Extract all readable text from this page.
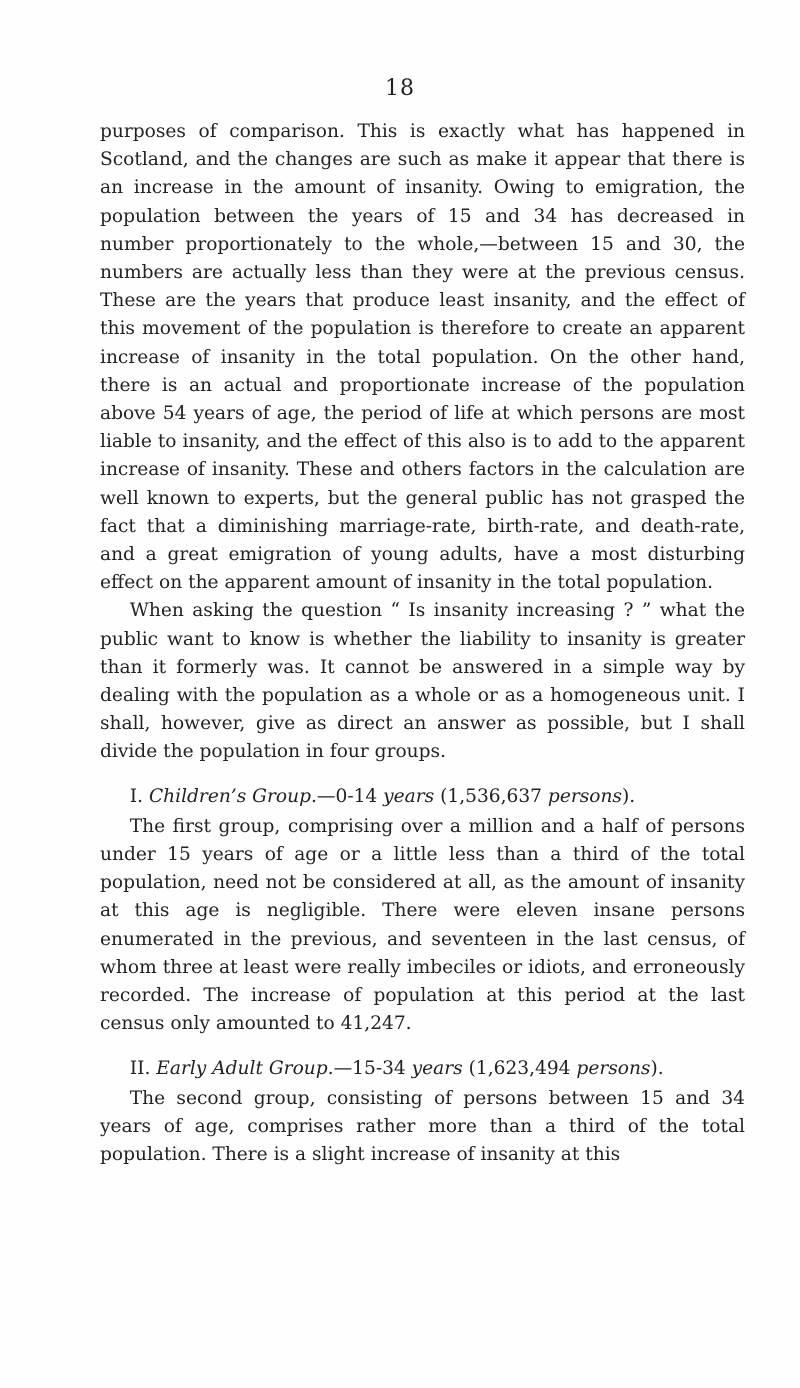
18

purposes of comparison. This is exactly what has happened in Scotland, and the changes are such as make it appear that there is an increase in the amount of insanity. Owing to emigration, the population between the years of 15 and 34 has decreased in number proportionately to the whole,—between 15 and 30, the numbers are actually less than they were at the previous census. These are the years that produce least insanity, and the effect of this movement of the population is therefore to create an apparent increase of insanity in the total population. On the other hand, there is an actual and proportionate increase of the population above 54 years of age, the period of life at which persons are most liable to insanity, and the effect of this also is to add to the apparent increase of insanity. These and others factors in the calculation are well known to experts, but the general public has not grasped the fact that a diminishing marriage-rate, birth-rate, and death-rate, and a great emigration of young adults, have a most disturbing effect on the apparent amount of insanity in the total population.

When asking the question “ Is insanity increasing ? ” what the public want to know is whether the liability to insanity is greater than it formerly was. It cannot be answered in a simple way by dealing with the population as a whole or as a homogeneous unit. I shall, however, give as direct an answer as possible, but I shall divide the population in four groups.

I. Children’s Group.—0-14 years (1,536,637 persons).

The first group, comprising over a million and a half of persons under 15 years of age or a little less than a third of the total population, need not be considered at all, as the amount of insanity at this age is negligible. There were eleven insane persons enumerated in the previous, and seventeen in the last census, of whom three at least were really imbeciles or idiots, and erroneously recorded. The increase of population at this period at the last census only amounted to 41,247.

II. Early Adult Group.—15-34 years (1,623,494 persons).

The second group, consisting of persons between 15 and 34 years of age, comprises rather more than a third of the total population. There is a slight increase of insanity at this
